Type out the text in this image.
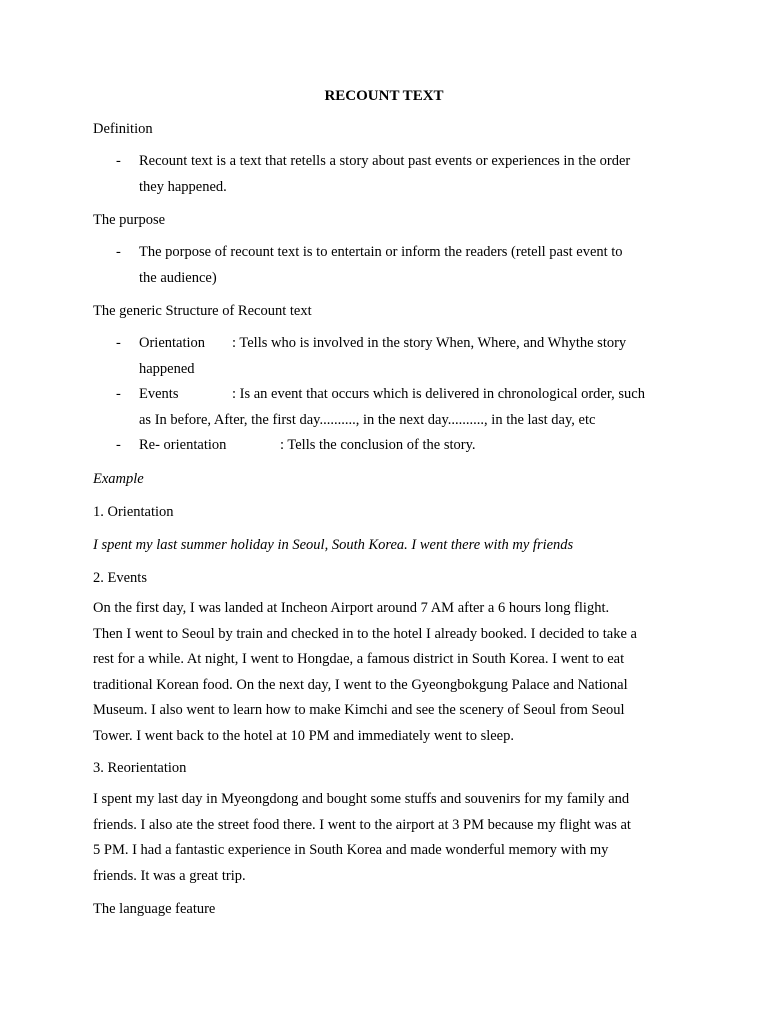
RECOUNT TEXT
Definition
- Recount text is a text that retells a story about past events or experiences in the order
they happened.
The purpose
- The porpose of recount text is to entertain or inform the readers (retell past event to
the audience)
The generic Structure of Recount text
- Orientation : Tells who is involved in the story When, Where, and Whythe story
happened
- Events	: Is an event that occurs which is delivered in chronological order, such
as In before, After, the first day.........., in the next day.........., in the last day, etc
- Re- orientation	: Tells the conclusion of the story.
Example
1. Orientation
I spent my last summer holiday in Seoul, South Korea. I went there with my friends
2. Events
On the first day, I was landed at Incheon Airport around 7 AM after a 6 hours long flight.
Then I went to Seoul by train and checked in to the hotel I already booked. I decided to take a
rest for a while. At night, I went to Hongdae, a famous district in South Korea. I went to eat
traditional Korean food. On the next day, I went to the Gyeongbokgung Palace and National
Museum. I also went to learn how to make Kimchi and see the scenery of Seoul from Seoul
Tower. I went back to the hotel at 10 PM and immediately went to sleep.
3. Reorientation
I spent my last day in Myeongdong and bought some stuffs and souvenirs for my family and
friends. I also ate the street food there. I went to the airport at 3 PM because my flight was at
5 PM. I had a fantastic experience in South Korea and made wonderful memory with my
friends. It was a great trip.
The language feature
